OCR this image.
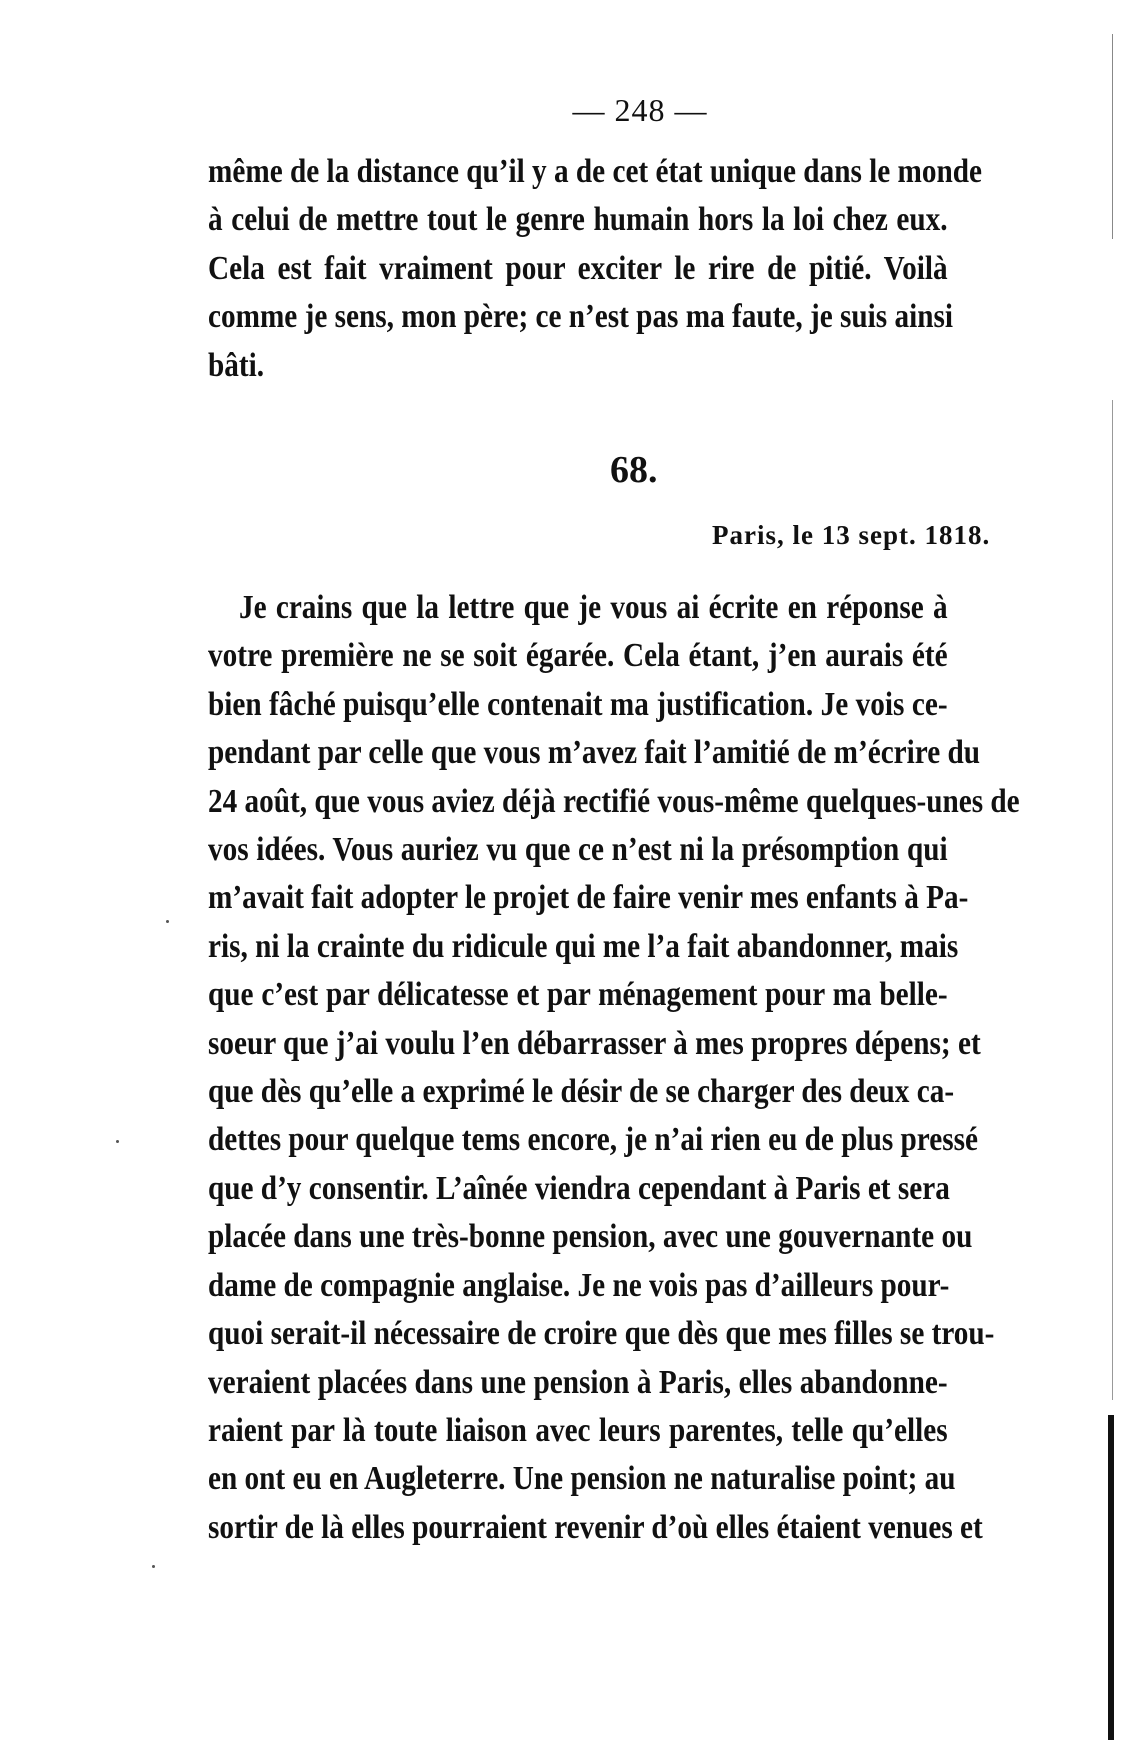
— 248 —
même de la distance qu’il y a de cet état unique dans le monde
à celui de mettre tout le genre humain hors la loi chez eux.
Cela est fait vraiment pour exciter le rire de pitié. Voilà
comme je sens, mon père; ce n’est pas ma faute, je suis ainsi
bâti.
68.
Paris, le 13 sept. 1818.
Je crains que la lettre que je vous ai écrite en réponse à
votre première ne se soit égarée. Cela étant, j’en aurais été
bien fâché puisqu’elle contenait ma justification. Je vois ce-
pendant par celle que vous m’avez fait l’amitié de m’écrire du
24 août, que vous aviez déjà rectifié vous-même quelques-unes de
vos idées. Vous auriez vu que ce n’est ni la présomption qui
m’avait fait adopter le projet de faire venir mes enfants à Pa-
ris, ni la crainte du ridicule qui me l’a fait abandonner, mais
que c’est par délicatesse et par ménagement pour ma belle-
soeur que j’ai voulu l’en débarrasser à mes propres dépens; et
que dès qu’elle a exprimé le désir de se charger des deux ca-
dettes pour quelque tems encore, je n’ai rien eu de plus pressé
que d’y consentir. L’aînée viendra cependant à Paris et sera
placée dans une très-bonne pension, avec une gouvernante ou
dame de compagnie anglaise. Je ne vois pas d’ailleurs pour-
quoi serait-il nécessaire de croire que dès que mes filles se trou-
veraient placées dans une pension à Paris, elles abandonne-
raient par là toute liaison avec leurs parentes, telle qu’elles
en ont eu en Augleterre. Une pension ne naturalise point; au
sortir de là elles pourraient revenir d’où elles étaient venues et
